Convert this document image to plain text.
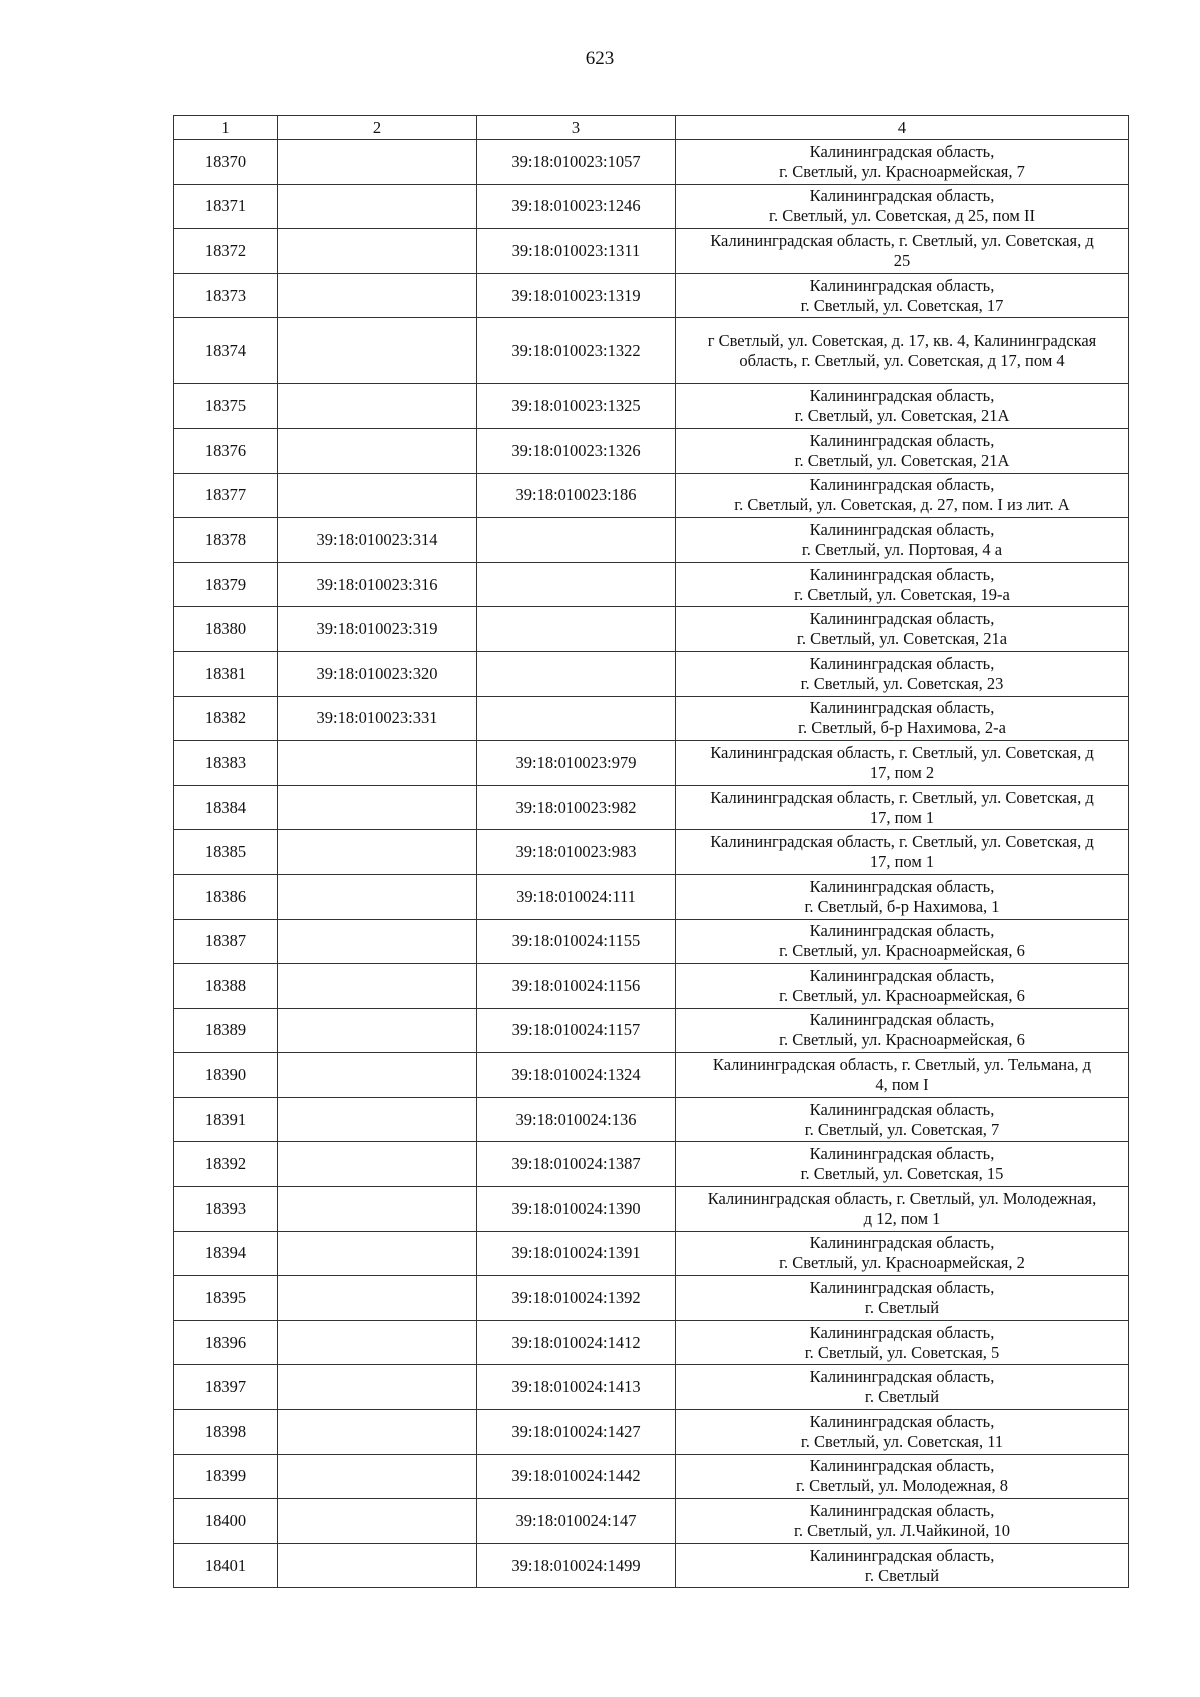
623
1	2	3	4
18370		39:18:010023:1057	Калининградская область,
г. Светлый, ул. Красноармейская, 7

18371		39:18:010023:1246	Калининградская область,
г. Светлый, ул. Советская, д 25, пом II

18372		39:18:010023:1311	Калининградская область, г. Светлый, ул. Советская, д
25

18373		39:18:010023:1319	Калининградская область,
г. Светлый, ул. Советская, 17

18374		39:18:010023:1322	г Светлый, ул. Советская, д. 17, кв. 4, Калининградская
область, г. Светлый, ул. Советская, д 17, пом 4

18375		39:18:010023:1325	Калининградская область,
г. Светлый, ул. Советская, 21А

18376		39:18:010023:1326	Калининградская область,
г. Светлый, ул. Советская, 21А

18377		39:18:010023:186	Калининградская область,
г. Светлый, ул. Советская, д. 27, пом. I из лит. А

18378	39:18:010023:314		Калининградская область,
г. Светлый, ул. Портовая, 4 а

18379	39:18:010023:316		Калининградская область,
г. Светлый, ул. Советская, 19-а

18380	39:18:010023:319		Калининградская область,
г. Светлый, ул. Советская, 21а

18381	39:18:010023:320		Калининградская область,
г. Светлый, ул. Советская, 23

18382	39:18:010023:331		Калининградская область,
г. Светлый, б-р Нахимова, 2-а

18383		39:18:010023:979	Калининградская область, г. Светлый, ул. Советская, д
17, пом 2

18384		39:18:010023:982	Калининградская область, г. Светлый, ул. Советская, д
17, пом 1

18385		39:18:010023:983	Калининградская область, г. Светлый, ул. Советская, д
17, пом 1

18386		39:18:010024:111	Калининградская область,
г. Светлый, б-р Нахимова, 1

18387		39:18:010024:1155	Калининградская область,
г. Светлый, ул. Красноармейская, 6

18388		39:18:010024:1156	Калининградская область,
г. Светлый, ул. Красноармейская, 6

18389		39:18:010024:1157	Калининградская область,
г. Светлый, ул. Красноармейская, 6

18390		39:18:010024:1324	Калининградская область, г. Светлый, ул. Тельмана, д
4, пом I

18391		39:18:010024:136	Калининградская область,
г. Светлый, ул. Советская, 7

18392		39:18:010024:1387	Калининградская область,
г. Светлый, ул. Советская, 15

18393		39:18:010024:1390	Калининградская область, г. Светлый, ул. Молодежная,
д 12, пом 1

18394		39:18:010024:1391	Калининградская область,
г. Светлый, ул. Красноармейская, 2

18395		39:18:010024:1392	Калининградская область,
г. Светлый

18396		39:18:010024:1412	Калининградская область,
г. Светлый, ул. Советская, 5

18397		39:18:010024:1413	Калининградская область,
г. Светлый

18398		39:18:010024:1427	Калининградская область,
г. Светлый, ул. Советская, 11

18399		39:18:010024:1442	Калининградская область,
г. Светлый, ул. Молодежная, 8

18400		39:18:010024:147	Калининградская область,
г. Светлый, ул. Л.Чайкиной, 10

18401		39:18:010024:1499	Калининградская область,
г. Светлый
